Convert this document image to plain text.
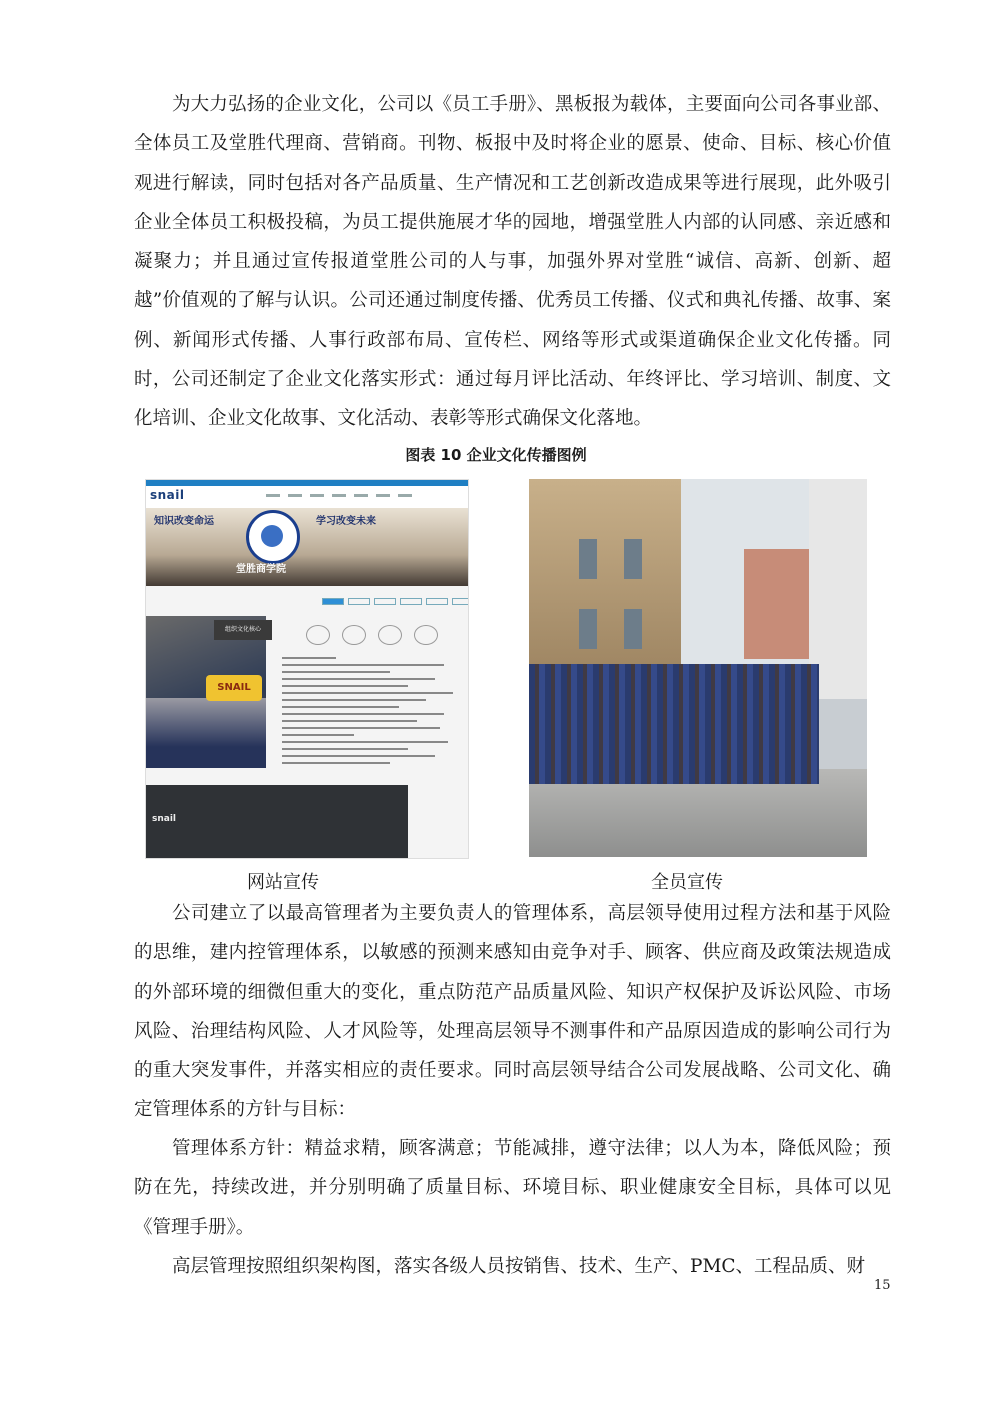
为大力弘扬的企业文化，公司以《员工手册》、黑板报为载体，主要面向公司各事业部、全体员工及堂胜代理商、营销商。刊物、板报中及时将企业的愿景、使命、目标、核心价值观进行解读，同时包括对各产品质量、生产情况和工艺创新改造成果等进行展现，此外吸引企业全体员工积极投稿，为员工提供施展才华的园地，增强堂胜人内部的认同感、亲近感和凝聚力；并且通过宣传报道堂胜公司的人与事，加强外界对堂胜“诚信、高新、创新、超越”价值观的了解与认识。公司还通过制度传播、优秀员工传播、仪式和典礼传播、故事、案例、新闻形式传播、人事行政部布局、宣传栏、网络等形式或渠道确保企业文化传播。同时，公司还制定了企业文化落实形式：通过每月评比活动、年终评比、学习培训、制度、文化培训、企业文化故事、文化活动、表彰等形式确保文化落地。

图表 10 企业文化传播图例
snail
知识改变命运	学习改变未来
堂胜商学院
SNAIL
组织文化核心
snail
网站宣传	全员宣传

公司建立了以最高管理者为主要负责人的管理体系，高层领导使用过程方法和基于风险的思维，建内控管理体系，以敏感的预测来感知由竞争对手、顾客、供应商及政策法规造成的外部环境的细微但重大的变化，重点防范产品质量风险、知识产权保护及诉讼风险、市场风险、治理结构风险、人才风险等，处理高层领导不测事件和产品原因造成的影响公司行为的重大突发事件，并落实相应的责任要求。同时高层领导结合公司发展战略、公司文化、确定管理体系的方针与目标：

管理体系方针：精益求精，顾客满意；节能减排，遵守法律；以人为本，降低风险；预防在先，持续改进，并分别明确了质量目标、环境目标、职业健康安全目标，具体可以见《管理手册》。

高层管理按照组织架构图，落实各级人员按销售、技术、生产、PMC、工程品质、财

15
